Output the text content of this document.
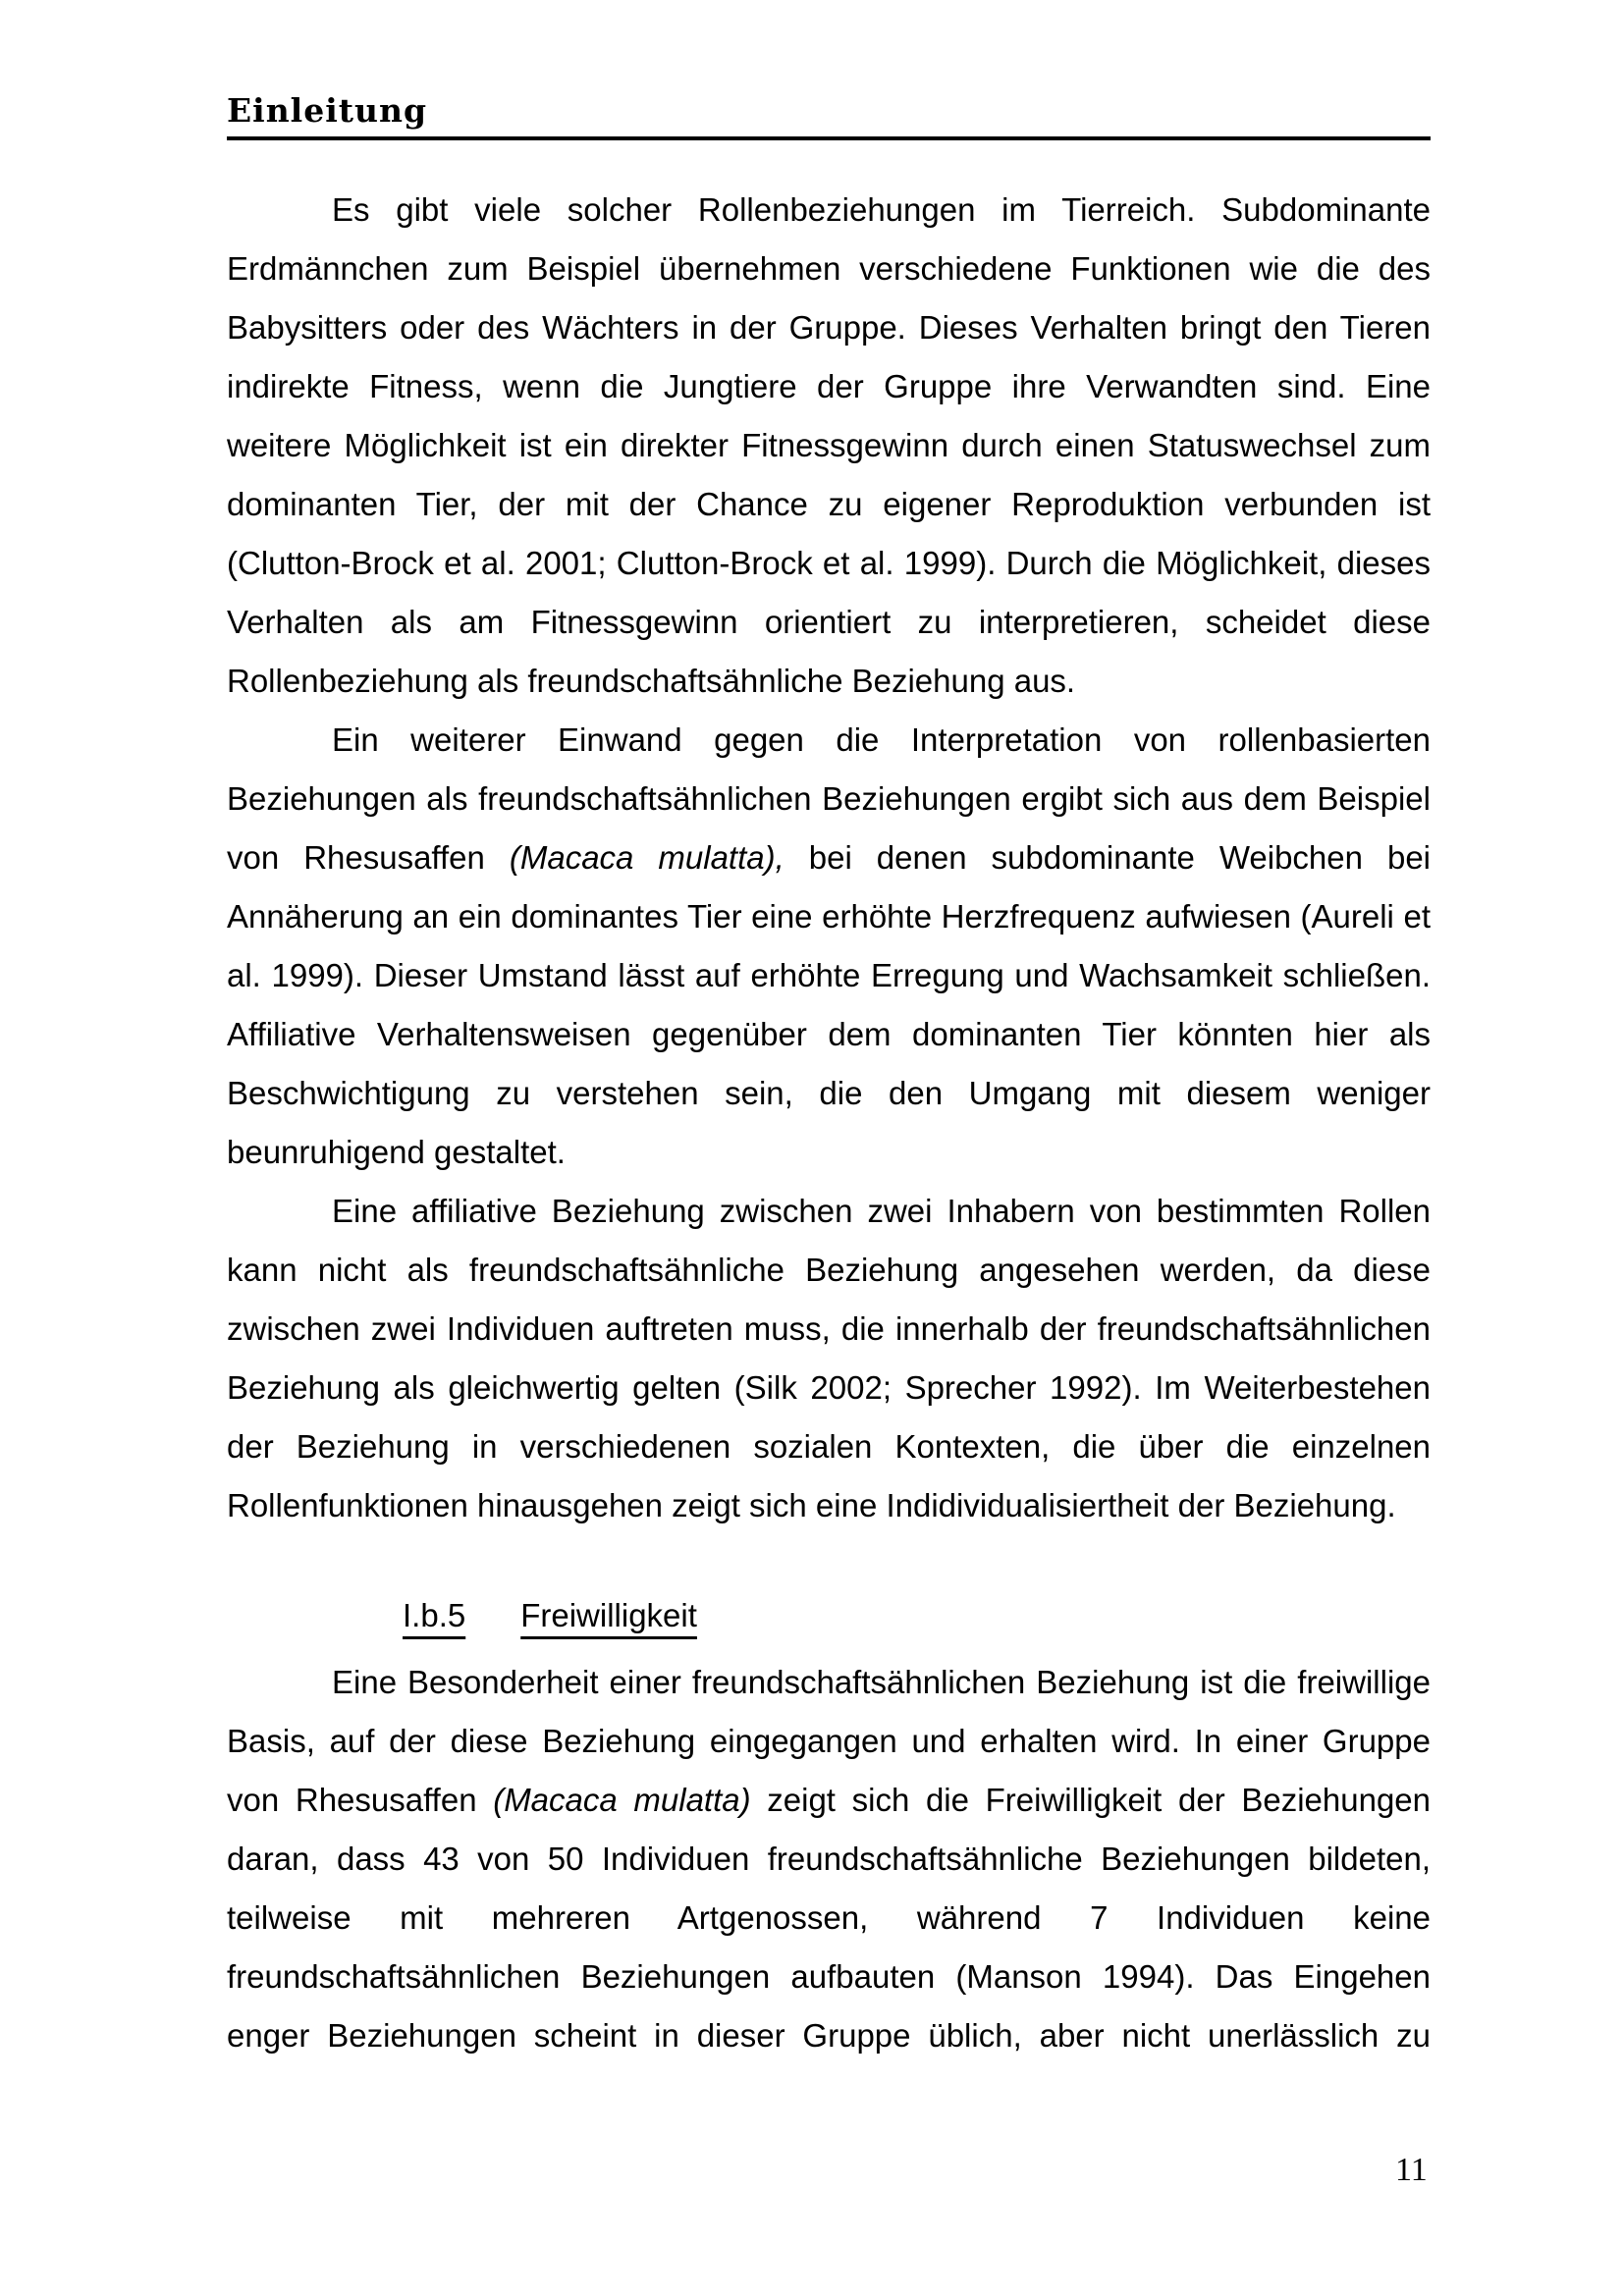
Einleitung

Es gibt viele solcher Rollenbeziehungen im Tierreich. Subdominante Erdmännchen zum Beispiel übernehmen verschiedene Funktionen wie die des Babysitters oder des Wächters in der Gruppe. Dieses Verhalten bringt den Tieren indirekte Fitness, wenn die Jungtiere der Gruppe ihre Verwandten sind. Eine weitere Möglichkeit ist ein direkter Fitnessgewinn durch einen Statuswechsel zum dominanten Tier, der mit der Chance zu eigener Reproduktion verbunden ist (Clutton-Brock et al. 2001; Clutton-Brock et al. 1999). Durch die Möglichkeit, dieses Verhalten als am Fitnessgewinn orientiert zu interpretieren, scheidet diese Rollenbeziehung als freundschaftsähnliche Beziehung aus.

Ein weiterer Einwand gegen die Interpretation von rollenbasierten Beziehungen als freundschaftsähnlichen Beziehungen ergibt sich aus dem Beispiel von Rhesusaffen (Macaca mulatta), bei denen subdominante Weibchen bei Annäherung an ein dominantes Tier eine erhöhte Herzfrequenz aufwiesen (Aureli et al. 1999). Dieser Umstand lässt auf erhöhte Erregung und Wachsamkeit schließen. Affiliative Verhaltensweisen gegenüber dem dominanten Tier könnten hier als Beschwichtigung zu verstehen sein, die den Umgang mit diesem weniger beunruhigend gestaltet.

Eine affiliative Beziehung zwischen zwei Inhabern von bestimmten Rollen kann nicht als freundschaftsähnliche Beziehung angesehen werden, da diese zwischen zwei Individuen auftreten muss, die innerhalb der freundschaftsähnlichen Beziehung als gleichwertig gelten (Silk 2002; Sprecher 1992). Im Weiterbestehen der Beziehung in verschiedenen sozialen Kontexten, die über die einzelnen Rollenfunktionen hinausgehen zeigt sich eine Indidividualisiertheit der Beziehung.

I.b.5 Freiwilligkeit

Eine Besonderheit einer freundschaftsähnlichen Beziehung ist die freiwillige Basis, auf der diese Beziehung eingegangen und erhalten wird. In einer Gruppe von Rhesusaffen (Macaca mulatta) zeigt sich die Freiwilligkeit der Beziehungen daran, dass 43 von 50 Individuen freundschaftsähnliche Beziehungen bildeten, teilweise mit mehreren Artgenossen, während 7 Individuen keine freundschaftsähnlichen Beziehungen aufbauten (Manson 1994). Das Eingehen enger Beziehungen scheint in dieser Gruppe üblich, aber nicht unerlässlich zu

11
